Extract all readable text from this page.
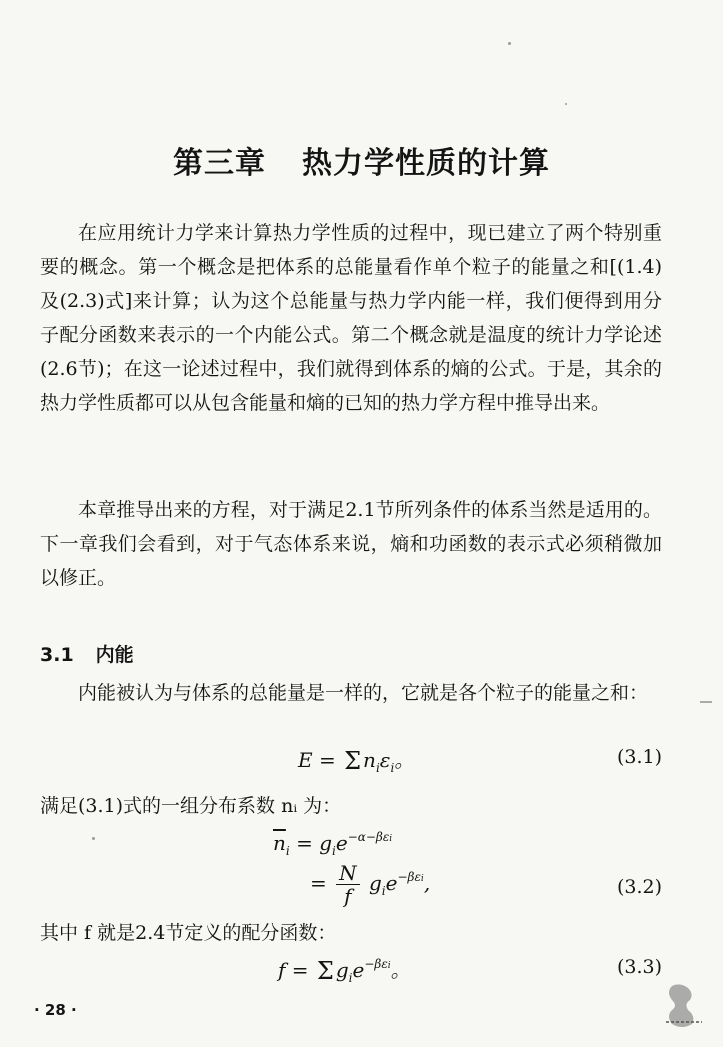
第三章 热力学性质的计算

在应用统计力学来计算热力学性质的过程中，现已建立了两个特别重要的概念。第一个概念是把体系的总能量看作单个粒子的能量之和[(1.4)及(2.3)式]来计算；认为这个总能量与热力学内能一样，我们便得到用分子配分函数来表示的一个内能公式。第二个概念就是温度的统计力学论述(2.6节)；在这一论述过程中，我们就得到体系的熵的公式。于是，其余的热力学性质都可以从包含能量和熵的已知的热力学方程中推导出来。

本章推导出来的方程，对于满足2.1节所列条件的体系当然是适用的。下一章我们会看到，对于气态体系来说，熵和功函数的表示式必须稍微加以修正。

3.1 内能

内能被认为与体系的总能量是一样的，它就是各个粒子的能量之和：

E = Σ $n_i\varepsilon_i$。	(3.1)

满足(3.1)式的一组分布系数 nᵢ 为：

$\overline{n}_i = g_ie^{-\alpha-\beta\varepsilon i}$
= $\frac{N}{f} g_ie^{-\beta\varepsilon i}$,	(3.2)

其中 f 就是2.4节定义的配分函数：

f = Σ $g_ie^{-\beta\varepsilon i}$。	(3.3)
· 28 ·
